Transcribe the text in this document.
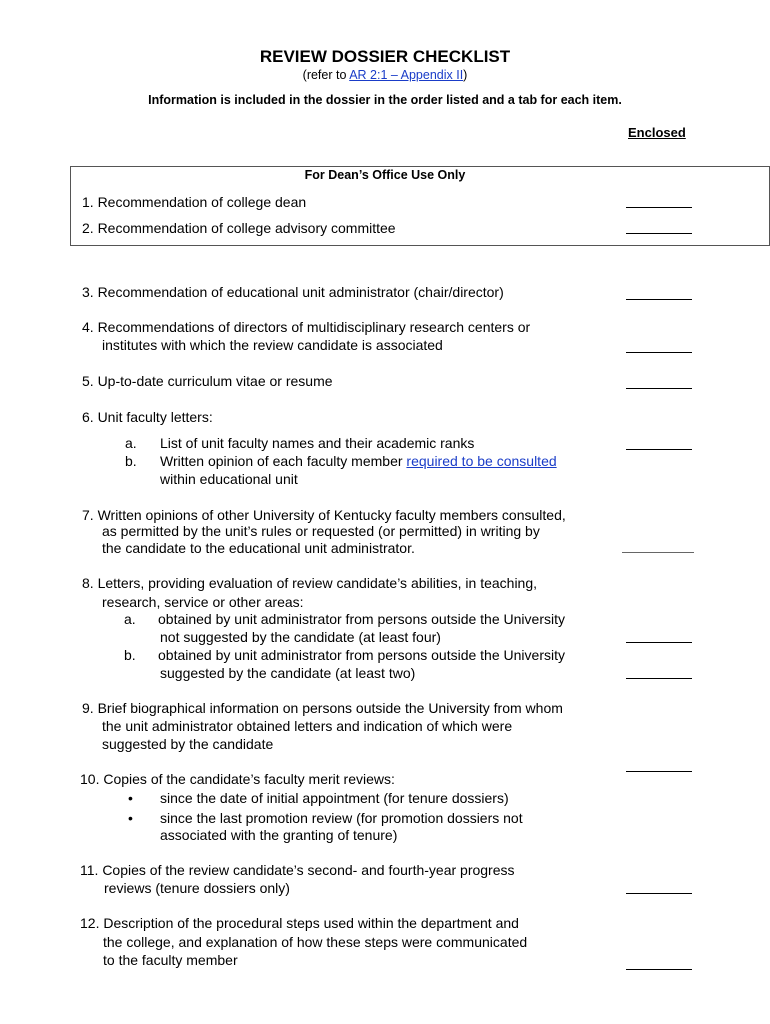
REVIEW DOSSIER CHECKLIST
(refer to AR 2:1 – Appendix II)
Information is included in the dossier in the order listed and a tab for each item.
Enclosed
For Dean’s Office Use Only
1. Recommendation of college dean
2. Recommendation of college advisory committee
3. Recommendation of educational unit administrator (chair/director)
4. Recommendations of directors of multidisciplinary research centers or
institutes with which the review candidate is associated
5. Up-to-date curriculum vitae or resume
6. Unit faculty letters:
a. List of unit faculty names and their academic ranks
b. Written opinion of each faculty member required to be consulted
within educational unit
7. Written opinions of other University of Kentucky faculty members consulted,
as permitted by the unit’s rules or requested (or permitted) in writing by
the candidate to the educational unit administrator.
8. Letters, providing evaluation of review candidate’s abilities, in teaching,
research, service or other areas:
a. obtained by unit administrator from persons outside the University
not suggested by the candidate (at least four)
b. obtained by unit administrator from persons outside the University
suggested by the candidate (at least two)
9. Brief biographical information on persons outside the University from whom
the unit administrator obtained letters and indication of which were
suggested by the candidate
10. Copies of the candidate’s faculty merit reviews:
• since the date of initial appointment (for tenure dossiers)
• since the last promotion review (for promotion dossiers not
associated with the granting of tenure)
11. Copies of the review candidate’s second- and fourth-year progress
reviews (tenure dossiers only)
12. Description of the procedural steps used within the department and
the college, and explanation of how these steps were communicated
to the faculty member
